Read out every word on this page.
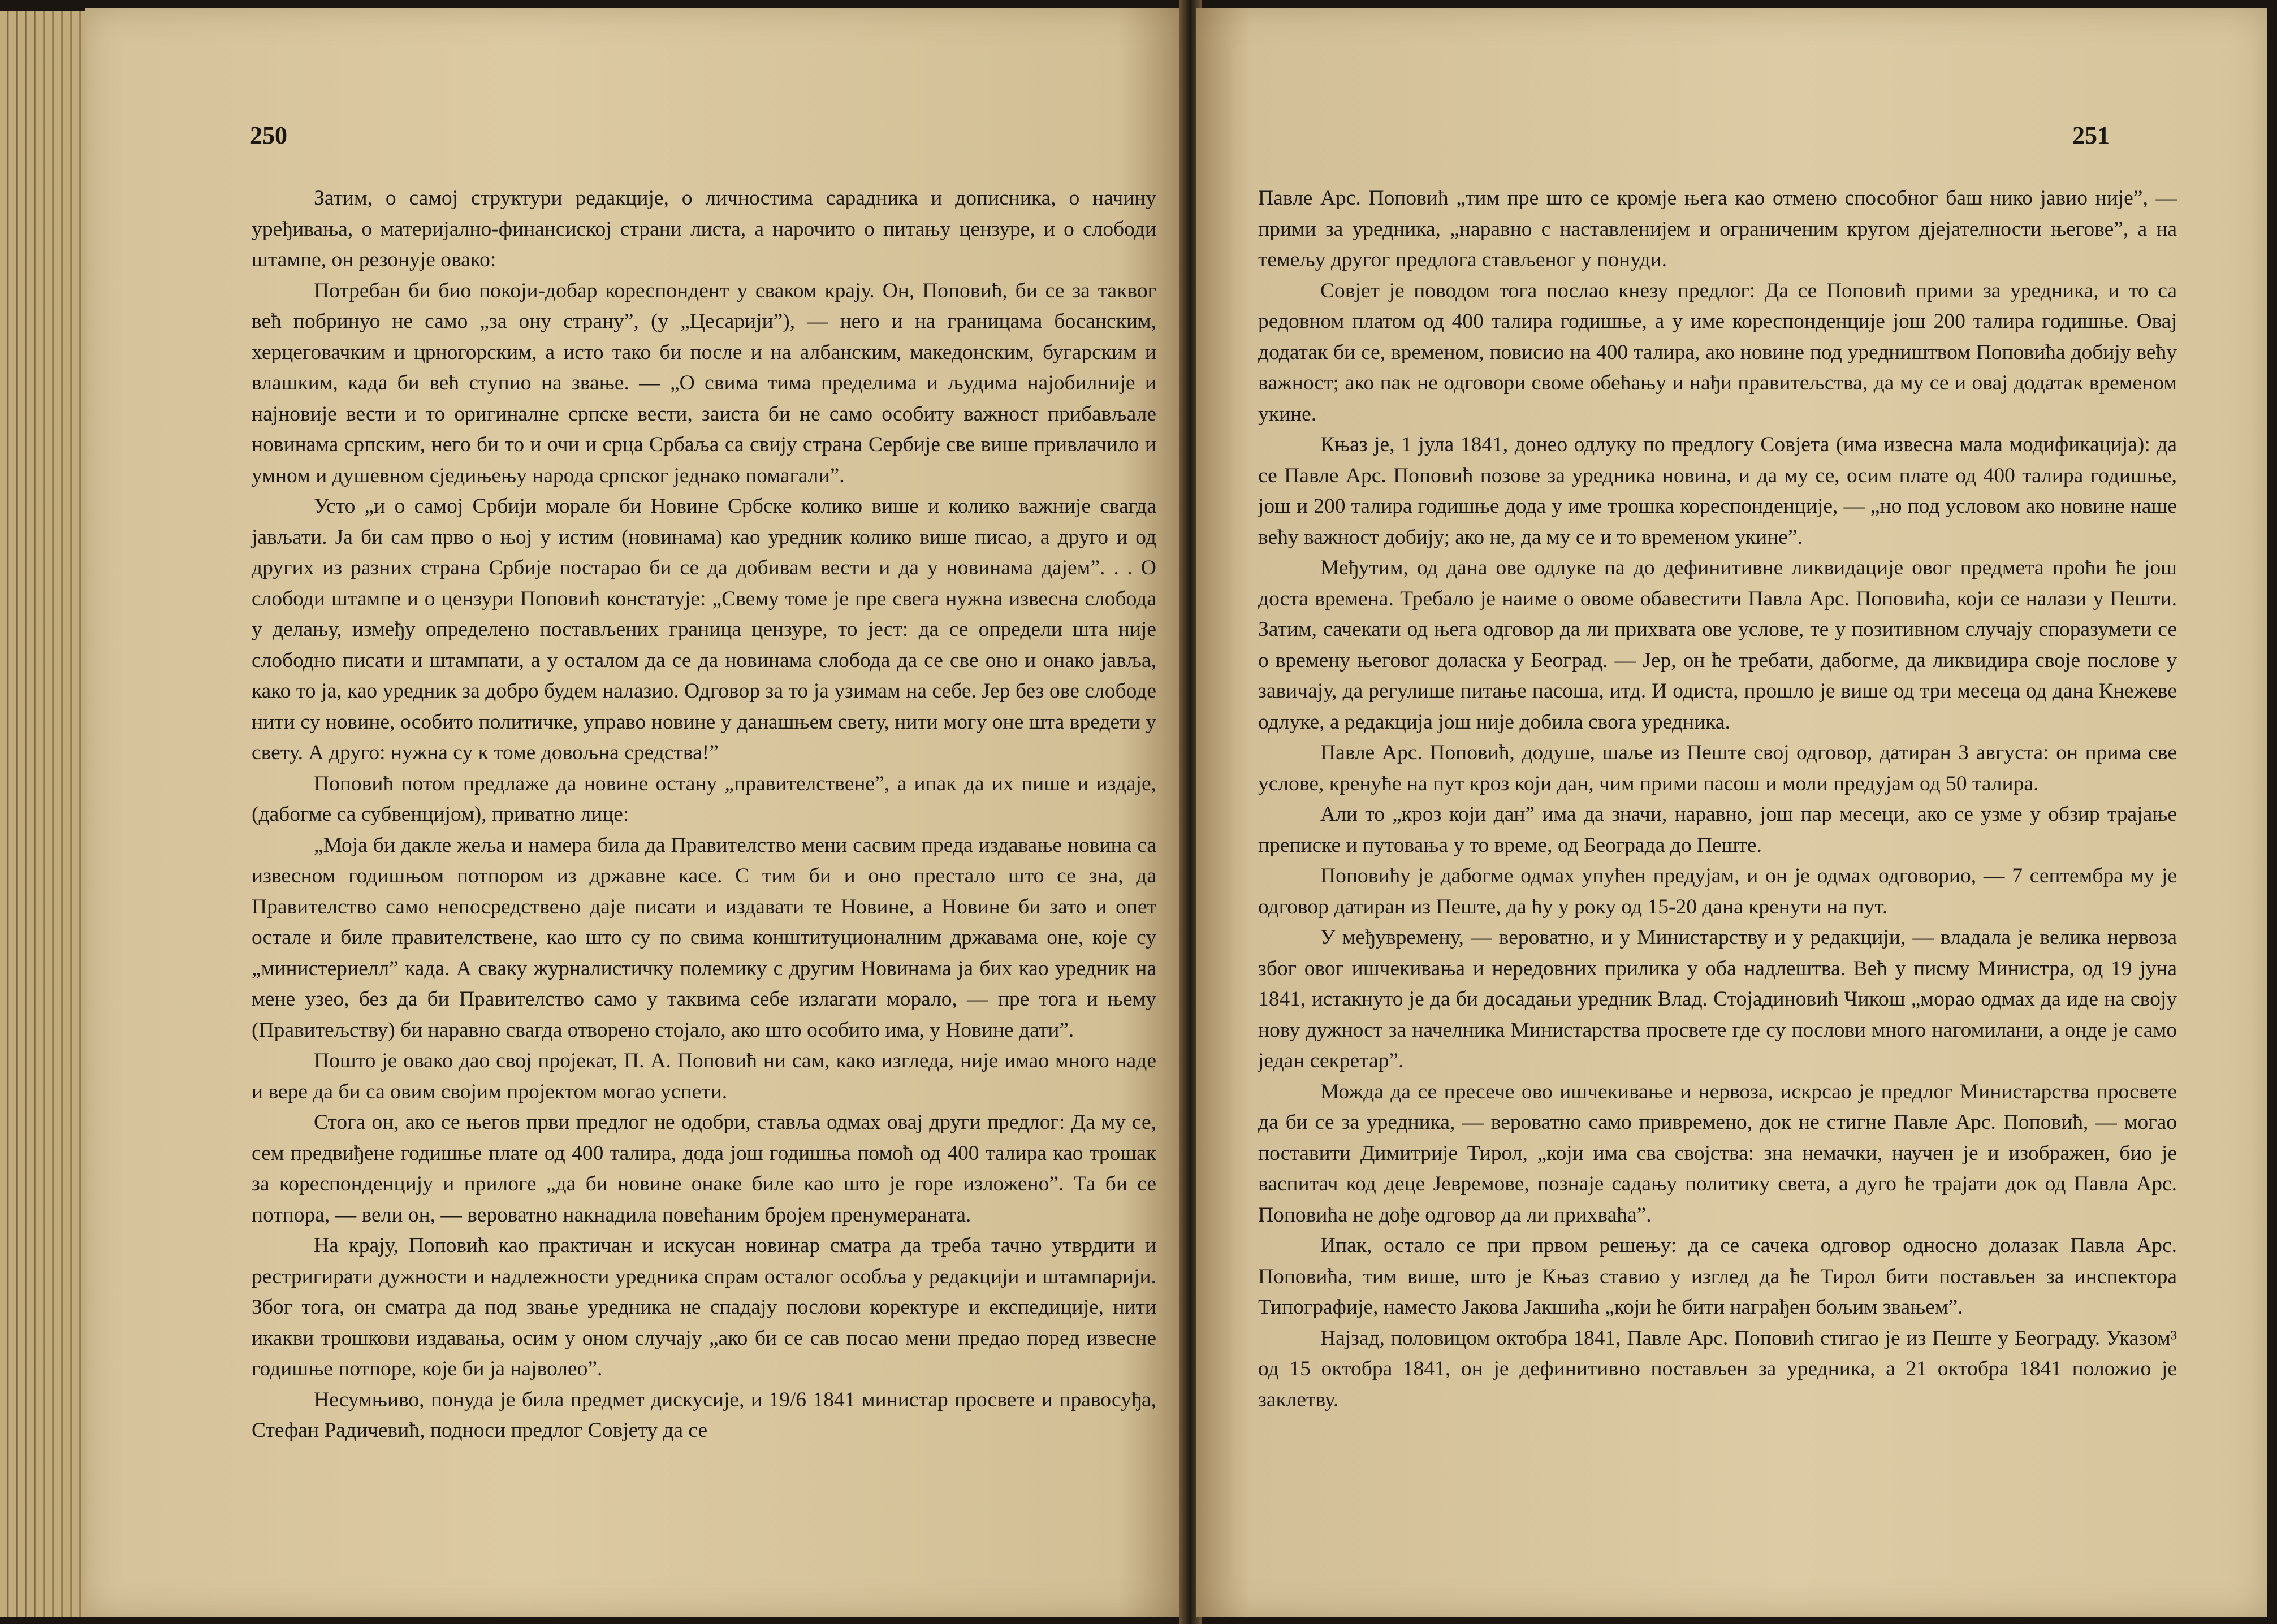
250

Затим, о самој структури редакције, о личностима сарадника и дописника, о начину уређивања, о материјално-финансиској страни листа, а нарочито о питању цензуре, и о слободи штампе, он резонује овако:

Потребан би био покоји-добар кореспондент у сваком крају. Он, Поповић, би се за таквог већ побринуо не само „за ону страну”, (у „Цесарији”), — него и на границама босанским, херцеговачким и црногорским, а исто тако би после и на албанским, македонским, бугарским и влашким, када би већ ступио на звање. — „О свима тима пределима и људима најобилније и најновије вести и то оригиналне српске вести, заиста би не само особиту важност прибављале новинама српским, него би то и очи и срца Србаља са свију страна Сербије све више привлачило и умном и душевном сједињењу народа српског једнако помагали”.

Усто „и о самој Србији морале би Новине Србске колико више и колико важније свагда јављати. Ја би сам прво о њој у истим (новинама) као уредник колико више писао, а друго и од других из разних страна Србије постарао би се да добивам вести и да у новинама дајем”. . . О слободи штампе и о цензури Поповић констатује: „Свему томе је пре свега нужна извесна слобода у делању, између определено постављених граница цензуре, то јест: да се определи шта није слободно писати и штампати, а у осталом да се да новинама слобода да се све оно и онако јавља, како то ја, као уредник за добро будем налазио. Одговор за то ја узимам на себе. Јер без ове слободе нити су новине, особито политичке, управо новине у данашњем свету, нити могу оне шта вредети у свету. А друго: нужна су к томе довољна средства!”

Поповић потом предлаже да новине остану „правителствене”, а ипак да их пише и издаје, (дабогме са субвенцијом), приватно лице:

„Моја би дакле жеља и намера била да Правителство мени сасвим преда издавање новина са извесном годишњом потпором из државне касе. С тим би и оно престало што се зна, да Правителство само непосредствено даје писати и издавати те Новине, а Новине би зато и опет остале и биле правителствене, као што су по свима конштитуционалним државама оне, које су „министериелл” када. А сваку журналистичку полемику с другим Новинама ја бих као уредник на мене узео, без да би Правителство само у таквима себе излагати морало, — пре тога и њему (Правитељству) би наравно свагда отворено стојало, ако што особито има, у Новине дати”.

Пошто је овако дао свој пројекат, П. А. Поповић ни сам, како изгледа, није имао много наде и вере да би са овим својим пројектом могао успети.

Стога он, ако се његов први предлог не одобри, ставља одмах овај други предлог: Да му се, сем предвиђене годишње плате од 400 талира, дода још годишња помоћ од 400 талира као трошак за кореспонденцију и прилоге „да би новине онаке биле као што је горе изложено”. Та би се потпора, — вели он, — вероватно накнадила повећаним бројем пренумераната.

На крају, Поповић као практичан и искусан новинар сматра да треба тачно утврдити и рестригирати дужности и надлежности уредника спрам осталог особља у редакцији и штампарији. Због тога, он сматра да под звање уредника не спадају послови коректуре и експедиције, нити икакви трошкови издавања, осим у оном случају „ако би се сав посао мени предао поред извесне годишње потпоре, које би ја најволео”.

Несумњиво, понуда је била предмет дискусије, и 19/6 1841 министар просвете и правосуђа, Стефан Радичевић, подноси предлог Совјету да се

251

Павле Арс. Поповић „тим пре што се кромје њега као отмено способног баш нико јавио није”, — прими за уредника, „наравно с наставленијем и ограниченим кругом дјејателности његове”, а на темељу другог предлога стављеног у понуди.

Совјет је поводом тога послао кнезу предлог: Да се Поповић прими за уредника, и то са редовном платом од 400 талира годишње, а у име кореспонденције још 200 талира годишње. Овај додатак би се, временом, повисио на 400 талира, ако новине под уредништвом Поповића добију већу важност; ако пак не одговори своме обећању и нађи правитељства, да му се и овај додатак временом укине.

Књаз је, 1 јула 1841, донео одлуку по предлогу Совјета (има извесна мала модификација): да се Павле Арс. Поповић позове за уредника новина, и да му се, осим плате од 400 талира годишње, још и 200 талира годишње дода у име трошка кореспонденције, — „но под условом ако новине наше већу важност добију; ако не, да му се и то временом укине”.

Међутим, од дана ове одлуке па до дефинитивне ликвидације овог предмета проћи ће још доста времена. Требало је наиме о овоме обавестити Павла Арс. Поповића, који се налази у Пешти. Затим, сачекати од њега одговор да ли прихвата ове услове, те у позитивном случају споразумети се о времену његовог доласка у Београд. — Јер, он ће требати, дабогме, да ликвидира своје послове у завичају, да регулише питање пасоша, итд. И одиста, прошло је више од три месеца од дана Кнежеве одлуке, а редакција још није добила свога уредника.

Павле Арс. Поповић, додуше, шаље из Пеште свој одговор, датиран 3 августа: он прима све услове, кренуће на пут кроз који дан, чим прими пасош и моли предујам од 50 талира.

Али то „кроз који дан” има да значи, наравно, још пар месеци, ако се узме у обзир трајање преписке и путовања у то време, од Београда до Пеште.

Поповићу је дабогме одмах упућен предујам, и он је одмах одговорио, — 7 септембра му је одговор датиран из Пеште, да ћу у року од 15-20 дана кренути на пут.

У међувремену, — вероватно, и у Министарству и у редакцији, — владала је велика нервоза због овог ишчекивања и нередовних прилика у оба надлештва. Већ у писму Министра, од 19 јуна 1841, истакнуто је да би досадањи уредник Влад. Стојадиновић Чикош „морао одмах да иде на своју нову дужност за начелника Министарства просвете где су послови много нагомилани, а онде је само један секретар”.

Можда да се пресече ово ишчекивање и нервоза, искрсао је предлог Министарства просвете да би се за уредника, — вероватно само привремено, док не стигне Павле Арс. Поповић, — могао поставити Димитрије Тирол, „који има сва својства: зна немачки, научен је и изображен, био је васпитач код деце Јевремове, познаје садању политику света, а дуго ће трајати док од Павла Арс. Поповића не дође одговор да ли прихваћа”.

Ипак, остало се при првом решењу: да се сачека одговор односно долазак Павла Арс. Поповића, тим више, што је Књаз ставио у изглед да ће Тирол бити постављен за инспектора Типографије, наместо Јакова Јакшића „који ће бити награђен бољим звањем”.

Најзад, половицом октобра 1841, Павле Арс. Поповић стигао је из Пеште у Београду. Указом³ од 15 октобра 1841, он је дефинитивно постављен за уредника, а 21 октобра 1841 положио је заклетву.
